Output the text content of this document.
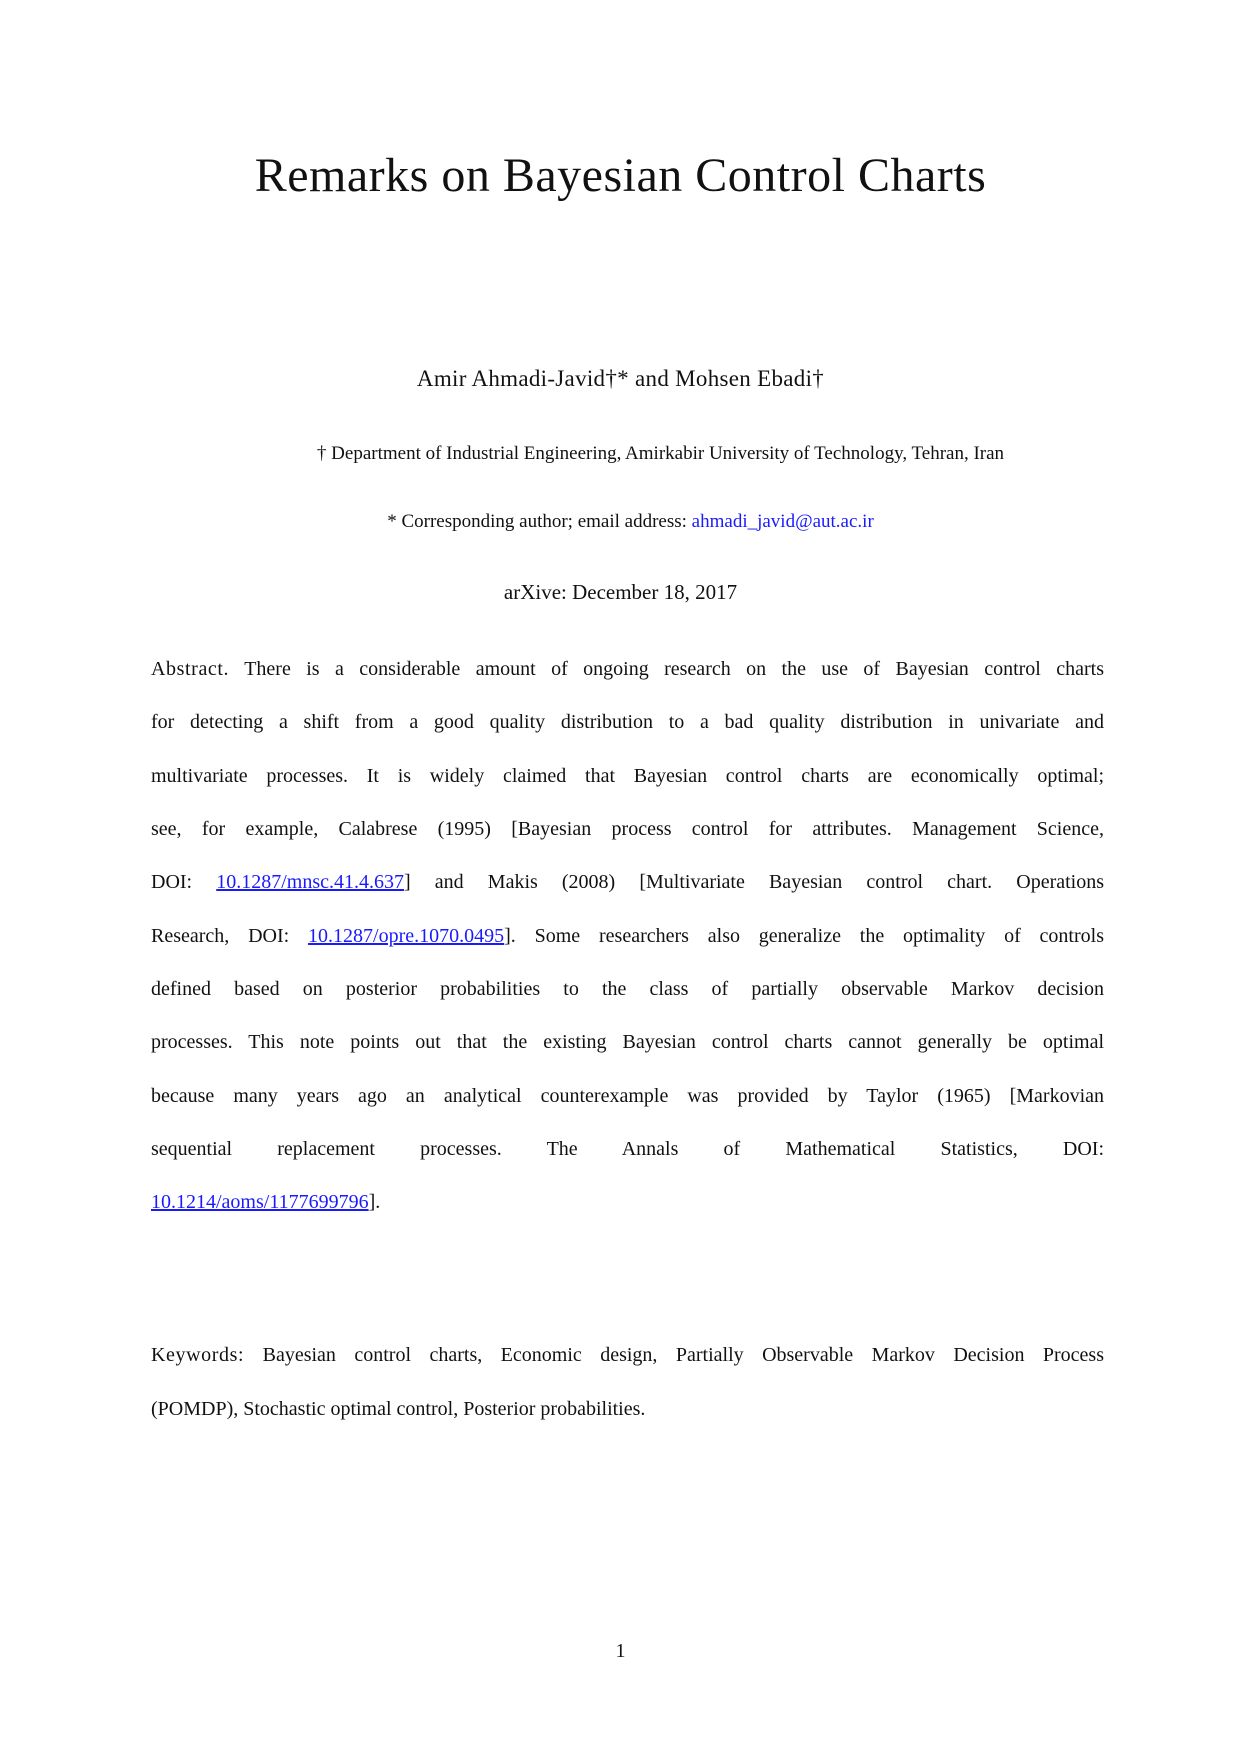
Remarks on Bayesian Control Charts
Amir Ahmadi-Javid†* and Mohsen Ebadi†
† Department of Industrial Engineering, Amirkabir University of Technology, Tehran, Iran
* Corresponding author; email address: ahmadi_javid@aut.ac.ir
arXive: December 18, 2017
Abstract. There is a considerable amount of ongoing research on the use of Bayesian control charts
for detecting a shift from a good quality distribution to a bad quality distribution in univariate and
multivariate processes. It is widely claimed that Bayesian control charts are economically optimal;
see, for example, Calabrese (1995) [Bayesian process control for attributes. Management Science,
DOI: 10.1287/mnsc.41.4.637] and Makis (2008) [Multivariate Bayesian control chart. Operations
Research, DOI: 10.1287/opre.1070.0495]. Some researchers also generalize the optimality of controls
defined based on posterior probabilities to the class of partially observable Markov decision
processes. This note points out that the existing Bayesian control charts cannot generally be optimal
because many years ago an analytical counterexample was provided by Taylor (1965) [Markovian
sequential replacement processes. The Annals of Mathematical Statistics, DOI:
10.1214/aoms/1177699796].
Keywords: Bayesian control charts, Economic design, Partially Observable Markov Decision Process
(POMDP), Stochastic optimal control, Posterior probabilities.
1
